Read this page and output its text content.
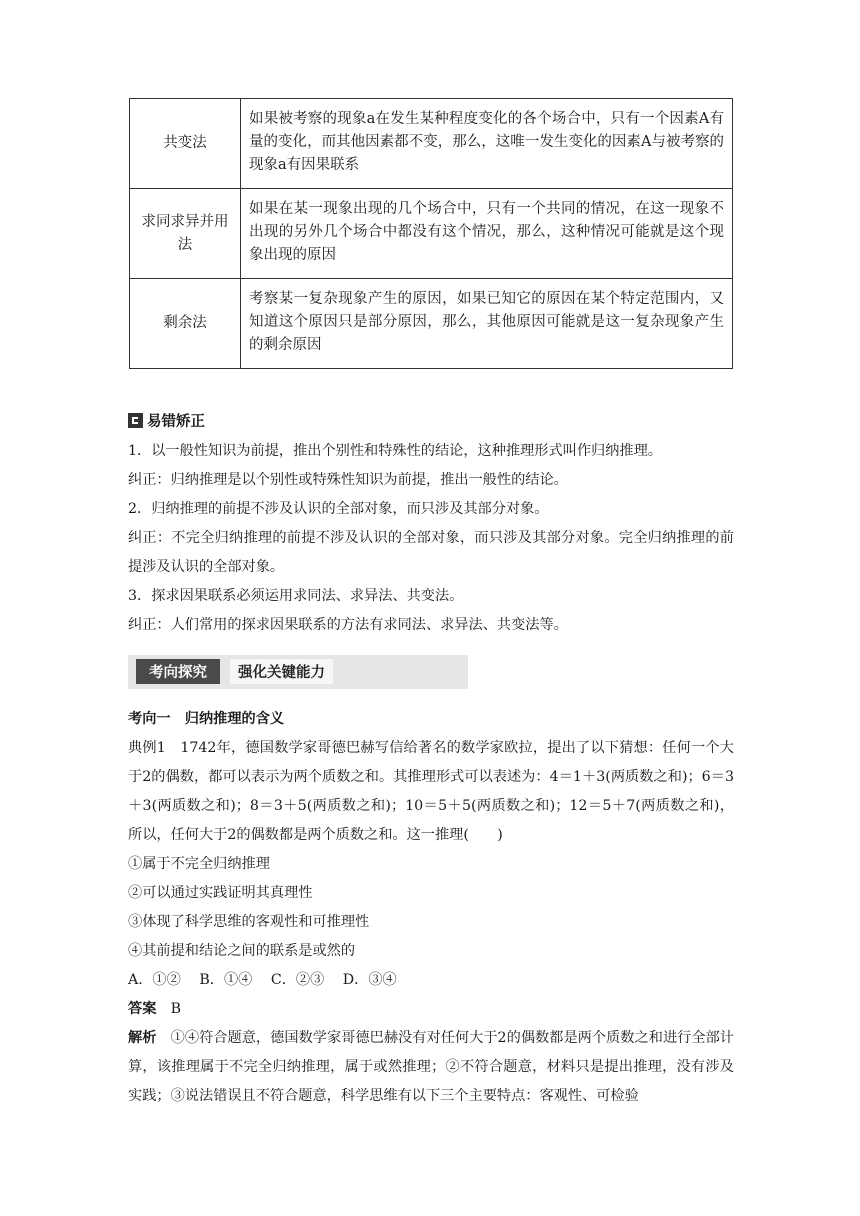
共变法	如果被考察的现象a在发生某种程度变化的各个场合中，只有一个因素A有量的变化，而其他因素都不变，那么，这唯一发生变化的因素A与被考察的现象a有因果联系
求同求异并用法	如果在某一现象出现的几个场合中，只有一个共同的情况，在这一现象不出现的另外几个场合中都没有这个情况，那么，这种情况可能就是这个现象出现的原因
剩余法	考察某一复杂现象产生的原因，如果已知它的原因在某个特定范围内，又知道这个原因只是部分原因，那么，其他原因可能就是这一复杂现象产生的剩余原因
易错矫正

1．以一般性知识为前提，推出个别性和特殊性的结论，这种推理形式叫作归纳推理。

纠正：归纳推理是以个别性或特殊性知识为前提，推出一般性的结论。

2．归纳推理的前提不涉及认识的全部对象，而只涉及其部分对象。

纠正：不完全归纳推理的前提不涉及认识的全部对象，而只涉及其部分对象。完全归纳推理的前提涉及认识的全部对象。

3．探求因果联系必须运用求同法、求异法、共变法。

纠正：人们常用的探求因果联系的方法有求同法、求异法、共变法等。

考向探究	强化关键能力

考向一　归纳推理的含义

典例1　1742年，德国数学家哥德巴赫写信给著名的数学家欧拉，提出了以下猜想：任何一个大于2的偶数，都可以表示为两个质数之和。其推理形式可以表述为：4＝1＋3(两质数之和)；6＝3＋3(两质数之和)；8＝3＋5(两质数之和)；10＝5＋5(两质数之和)；12＝5＋7(两质数之和)，所以，任何大于2的偶数都是两个质数之和。这一推理(　　)

①属于不完全归纳推理

②可以通过实践证明其真理性

③体现了科学思维的客观性和可推理性

④其前提和结论之间的联系是或然的

A．①② B．①④ C．②③ D．③④

答案　 B

解析　 ①④符合题意，德国数学家哥德巴赫没有对任何大于2的偶数都是两个质数之和进行全部计算，该推理属于不完全归纳推理，属于或然推理；②不符合题意，材料只是提出推理，没有涉及实践；③说法错误且不符合题意，科学思维有以下三个主要特点：客观性、可检验
